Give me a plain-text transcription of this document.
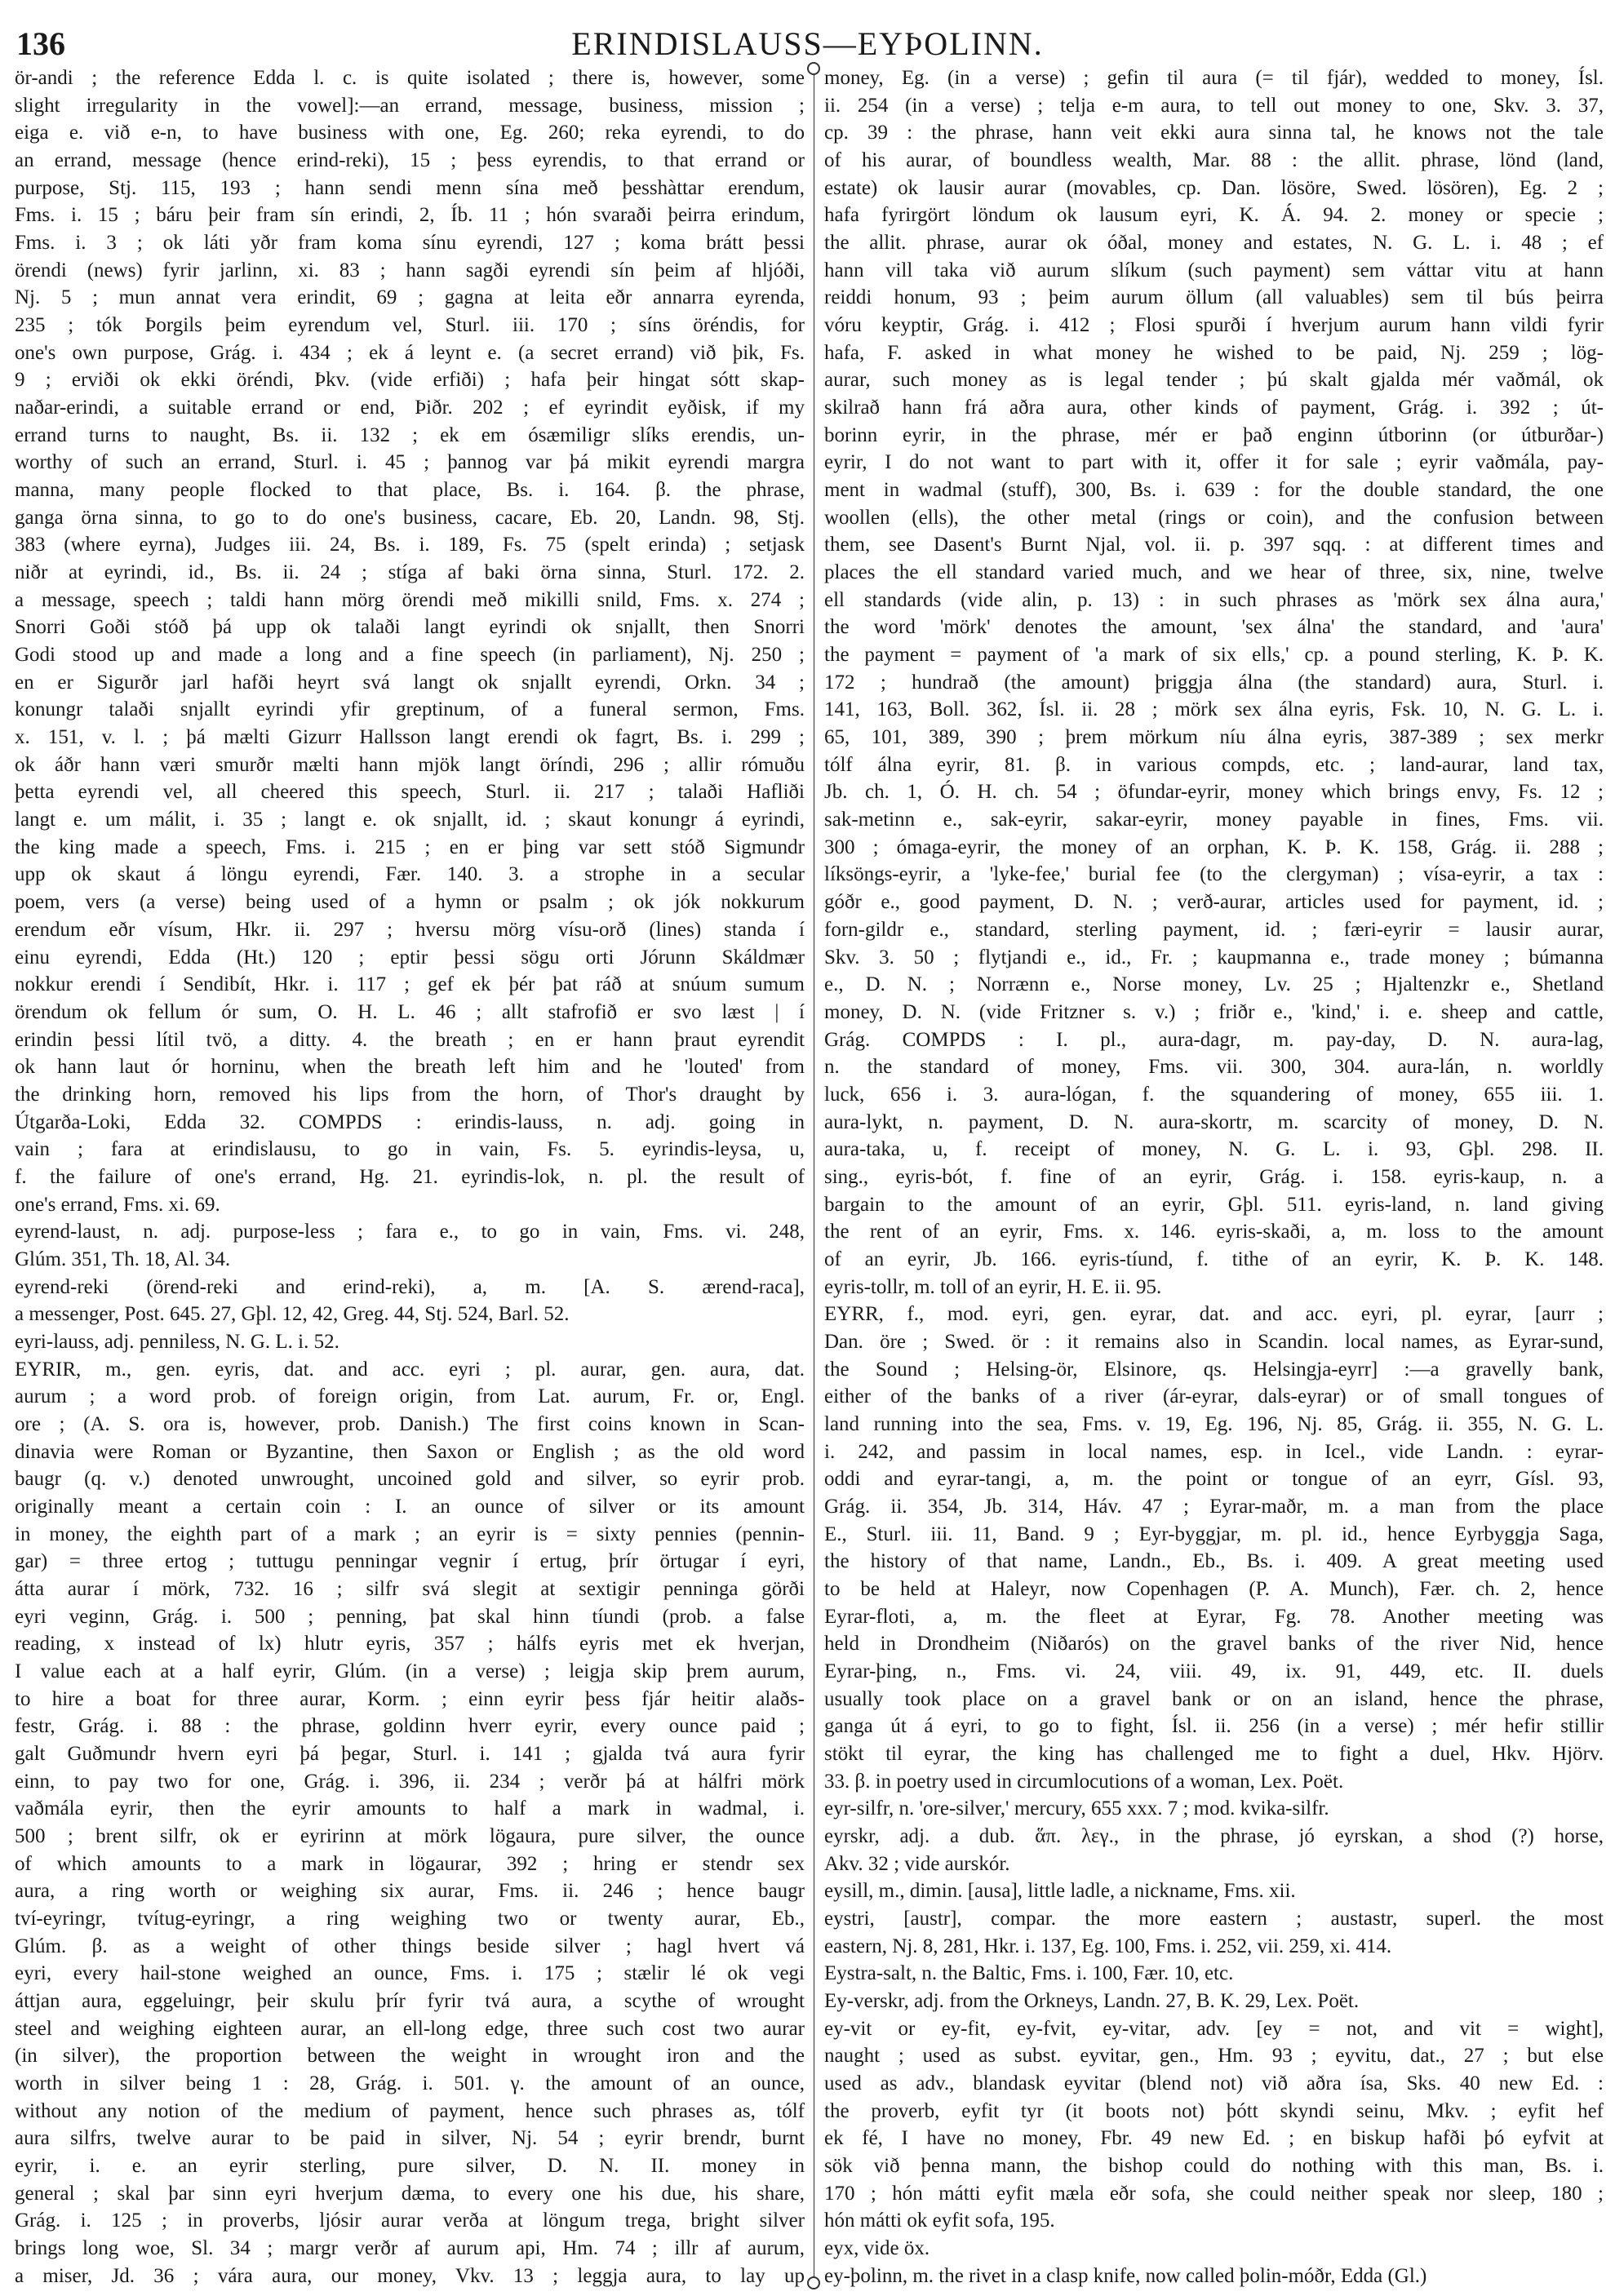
136	ERINDISLAUSS—EYÞOLINN.
ör-andi ; the reference Edda l. c. is quite isolated ; there is, however, some
slight irregularity in the vowel]:—an errand, message, business, mission ;
eiga e. við e-n, to have business with one, Eg. 260; reka eyrendi, to do
an errand, message (hence erind-reki), 15 ; þess eyrendis, to that errand or
purpose, Stj. 115, 193 ; hann sendi menn sína með þesshàttar erendum,
Fms. i. 15 ; báru þeir fram sín erindi, 2, Íb. 11 ; hón svaraði þeirra erindum,
Fms. i. 3 ; ok láti yðr fram koma sínu eyrendi, 127 ; koma brátt þessi
örendi (news) fyrir jarlinn, xi. 83 ; hann sagði eyrendi sín þeim af hljóði,
Nj. 5 ; mun annat vera erindit, 69 ; gagna at leita eðr annarra eyrenda,
235 ; tók Þorgils þeim eyrendum vel, Sturl. iii. 170 ; síns öréndis, for
one's own purpose, Grág. i. 434 ; ek á leynt e. (a secret errand) við þik, Fs.
9 ; erviði ok ekki öréndi, Þkv. (vide erfiði) ; hafa þeir hingat sótt skap-
naðar-erindi, a suitable errand or end, Þiðr. 202 ; ef eyrindit eyðisk, if my
errand turns to naught, Bs. ii. 132 ; ek em ósæmiligr slíks erendis, un-
worthy of such an errand, Sturl. i. 45 ; þannog var þá mikit eyrendi margra
manna, many people flocked to that place, Bs. i. 164. β. the phrase,
ganga örna sinna, to go to do one's business, cacare, Eb. 20, Landn. 98, Stj.
383 (where eyrna), Judges iii. 24, Bs. i. 189, Fs. 75 (spelt erinda) ; setjask
niðr at eyrindi, id., Bs. ii. 24 ; stíga af baki örna sinna, Sturl. 172. 2.
a message, speech ; taldi hann mörg örendi með mikilli snild, Fms. x. 274 ;
Snorri Goði stóð þá upp ok talaði langt eyrindi ok snjallt, then Snorri
Godi stood up and made a long and a fine speech (in parliament), Nj. 250 ;
en er Sigurðr jarl hafði heyrt svá langt ok snjallt eyrendi, Orkn. 34 ;
konungr talaði snjallt eyrindi yfir greptinum, of a funeral sermon, Fms.
x. 151, v. l. ; þá mælti Gizurr Hallsson langt erendi ok fagrt, Bs. i. 299 ;
ok áðr hann væri smurðr mælti hann mjök langt öríndi, 296 ; allir rómuðu
þetta eyrendi vel, all cheered this speech, Sturl. ii. 217 ; talaði Hafliði
langt e. um málit, i. 35 ; langt e. ok snjallt, id. ; skaut konungr á eyrindi,
the king made a speech, Fms. i. 215 ; en er þing var sett stóð Sigmundr
upp ok skaut á löngu eyrendi, Fær. 140. 3. a strophe in a secular
poem, vers (a verse) being used of a hymn or psalm ; ok jók nokkurum
erendum eðr vísum, Hkr. ii. 297 ; hversu mörg vísu-orð (lines) standa í
einu eyrendi, Edda (Ht.) 120 ; eptir þessi sögu orti Jórunn Skáldmær
nokkur erendi í Sendibít, Hkr. i. 117 ; gef ek þér þat ráð at snúum sumum
örendum ok fellum ór sum, O. H. L. 46 ; allt stafrofið er svo læst | í
erindin þessi lítil tvö, a ditty. 4. the breath ; en er hann þraut eyrendit
ok hann laut ór horninu, when the breath left him and he 'louted' from
the drinking horn, removed his lips from the horn, of Thor's draught by
Útgarða-Loki, Edda 32. COMPDS : erindis-lauss, n. adj. going in
vain ; fara at erindislausu, to go in vain, Fs. 5. eyrindis-leysa, u,
f. the failure of one's errand, Hg. 21. eyrindis-lok, n. pl. the result of
one's errand, Fms. xi. 69.
eyrend-laust, n. adj. purpose-less ; fara e., to go in vain, Fms. vi. 248,
Glúm. 351, Th. 18, Al. 34.
eyrend-reki (örend-reki and erind-reki), a, m. [A. S. ærend-raca],
a messenger, Post. 645. 27, Gþl. 12, 42, Greg. 44, Stj. 524, Barl. 52.
eyri-lauss, adj. penniless, N. G. L. i. 52.
EYRIR, m., gen. eyris, dat. and acc. eyri ; pl. aurar, gen. aura, dat.
aurum ; a word prob. of foreign origin, from Lat. aurum, Fr. or, Engl.
ore ; (A. S. ora is, however, prob. Danish.) The first coins known in Scan-
dinavia were Roman or Byzantine, then Saxon or English ; as the old word
baugr (q. v.) denoted unwrought, uncoined gold and silver, so eyrir prob.
originally meant a certain coin : I. an ounce of silver or its amount
in money, the eighth part of a mark ; an eyrir is = sixty pennies (pennin-
gar) = three ertog ; tuttugu penningar vegnir í ertug, þrír örtugar í eyri,
átta aurar í mörk, 732. 16 ; silfr svá slegit at sextigir penninga görði
eyri veginn, Grág. i. 500 ; penning, þat skal hinn tíundi (prob. a false
reading, x instead of lx) hlutr eyris, 357 ; hálfs eyris met ek hverjan,
I value each at a half eyrir, Glúm. (in a verse) ; leigja skip þrem aurum,
to hire a boat for three aurar, Korm. ; einn eyrir þess fjár heitir alaðs-
festr, Grág. i. 88 : the phrase, goldinn hverr eyrir, every ounce paid ;
galt Guðmundr hvern eyri þá þegar, Sturl. i. 141 ; gjalda tvá aura fyrir
einn, to pay two for one, Grág. i. 396, ii. 234 ; verðr þá at hálfri mörk
vaðmála eyrir, then the eyrir amounts to half a mark in wadmal, i.
500 ; brent silfr, ok er eyririnn at mörk lögaura, pure silver, the ounce
of which amounts to a mark in lögaurar, 392 ; hring er stendr sex
aura, a ring worth or weighing six aurar, Fms. ii. 246 ; hence baugr
tví-eyringr, tvítug-eyringr, a ring weighing two or twenty aurar, Eb.,
Glúm. β. as a weight of other things beside silver ; hagl hvert vá
eyri, every hail-stone weighed an ounce, Fms. i. 175 ; stælir lé ok vegi
áttjan aura, eggeluingr, þeir skulu þrír fyrir tvá aura, a scythe of wrought
steel and weighing eighteen aurar, an ell-long edge, three such cost two aurar
(in silver), the proportion between the weight in wrought iron and the
worth in silver being 1 : 28, Grág. i. 501. γ. the amount of an ounce,
without any notion of the medium of payment, hence such phrases as, tólf
aura silfrs, twelve aurar to be paid in silver, Nj. 54 ; eyrir brendr, burnt
eyrir, i. e. an eyrir sterling, pure silver, D. N. II. money in
general ; skal þar sinn eyri hverjum dæma, to every one his due, his share,
Grág. i. 125 ; in proverbs, ljósir aurar verða at löngum trega, bright silver
brings long woe, Sl. 34 ; margr verðr af aurum api, Hm. 74 ; illr af aurum,
a miser, Jd. 36 ; vára aura, our money, Vkv. 13 ; leggja aura, to lay up
money, Eg. (in a verse) ; gefin til aura (= til fjár), wedded to money, Ísl.
ii. 254 (in a verse) ; telja e-m aura, to tell out money to one, Skv. 3. 37,
cp. 39 : the phrase, hann veit ekki aura sinna tal, he knows not the tale
of his aurar, of boundless wealth, Mar. 88 : the allit. phrase, lönd (land,
estate) ok lausir aurar (movables, cp. Dan. lösöre, Swed. lösören), Eg. 2 ;
hafa fyrirgört löndum ok lausum eyri, K. Á. 94. 2. money or specie ;
the allit. phrase, aurar ok óðal, money and estates, N. G. L. i. 48 ; ef
hann vill taka við aurum slíkum (such payment) sem váttar vitu at hann
reiddi honum, 93 ; þeim aurum öllum (all valuables) sem til bús þeirra
vóru keyptir, Grág. i. 412 ; Flosi spurði í hverjum aurum hann vildi fyrir
hafa, F. asked in what money he wished to be paid, Nj. 259 ; lög-
aurar, such money as is legal tender ; þú skalt gjalda mér vaðmál, ok
skilrað hann frá aðra aura, other kinds of payment, Grág. i. 392 ; út-
borinn eyrir, in the phrase, mér er það enginn útborinn (or útburðar-)
eyrir, I do not want to part with it, offer it for sale ; eyrir vaðmála, pay-
ment in wadmal (stuff), 300, Bs. i. 639 : for the double standard, the one
woollen (ells), the other metal (rings or coin), and the confusion between
them, see Dasent's Burnt Njal, vol. ii. p. 397 sqq. : at different times and
places the ell standard varied much, and we hear of three, six, nine, twelve
ell standards (vide alin, p. 13) : in such phrases as 'mörk sex álna aura,'
the word 'mörk' denotes the amount, 'sex álna' the standard, and 'aura'
the payment = payment of 'a mark of six ells,' cp. a pound sterling, K. Þ. K.
172 ; hundrað (the amount) þriggja álna (the standard) aura, Sturl. i.
141, 163, Boll. 362, Ísl. ii. 28 ; mörk sex álna eyris, Fsk. 10, N. G. L. i.
65, 101, 389, 390 ; þrem mörkum níu álna eyris, 387-389 ; sex merkr
tólf álna eyrir, 81. β. in various compds, etc. ; land-aurar, land tax,
Jb. ch. 1, Ó. H. ch. 54 ; öfundar-eyrir, money which brings envy, Fs. 12 ;
sak-metinn e., sak-eyrir, sakar-eyrir, money payable in fines, Fms. vii.
300 ; ómaga-eyrir, the money of an orphan, K. Þ. K. 158, Grág. ii. 288 ;
líksöngs-eyrir, a 'lyke-fee,' burial fee (to the clergyman) ; vísa-eyrir, a tax :
góðr e., good payment, D. N. ; verð-aurar, articles used for payment, id. ;
forn-gildr e., standard, sterling payment, id. ; færi-eyrir = lausir aurar,
Skv. 3. 50 ; flytjandi e., id., Fr. ; kaupmanna e., trade money ; búmanna
e., D. N. ; Norrænn e., Norse money, Lv. 25 ; Hjaltenzkr e., Shetland
money, D. N. (vide Fritzner s. v.) ; friðr e., 'kind,' i. e. sheep and cattle,
Grág. COMPDS : I. pl., aura-dagr, m. pay-day, D. N. aura-lag,
n. the standard of money, Fms. vii. 300, 304. aura-lán, n. worldly
luck, 656 i. 3. aura-lógan, f. the squandering of money, 655 iii. 1.
aura-lykt, n. payment, D. N. aura-skortr, m. scarcity of money, D. N.
aura-taka, u, f. receipt of money, N. G. L. i. 93, Gþl. 298. II.
sing., eyris-bót, f. fine of an eyrir, Grág. i. 158. eyris-kaup, n. a
bargain to the amount of an eyrir, Gþl. 511. eyris-land, n. land giving
the rent of an eyrir, Fms. x. 146. eyris-skaði, a, m. loss to the amount
of an eyrir, Jb. 166. eyris-tíund, f. tithe of an eyrir, K. Þ. K. 148.
eyris-tollr, m. toll of an eyrir, H. E. ii. 95.
EYRR, f., mod. eyri, gen. eyrar, dat. and acc. eyri, pl. eyrar, [aurr ;
Dan. öre ; Swed. ör : it remains also in Scandin. local names, as Eyrar-sund,
the Sound ; Helsing-ör, Elsinore, qs. Helsingja-eyrr] :—a gravelly bank,
either of the banks of a river (ár-eyrar, dals-eyrar) or of small tongues of
land running into the sea, Fms. v. 19, Eg. 196, Nj. 85, Grág. ii. 355, N. G. L.
i. 242, and passim in local names, esp. in Icel., vide Landn. : eyrar-
oddi and eyrar-tangi, a, m. the point or tongue of an eyrr, Gísl. 93,
Grág. ii. 354, Jb. 314, Háv. 47 ; Eyrar-maðr, m. a man from the place
E., Sturl. iii. 11, Band. 9 ; Eyr-byggjar, m. pl. id., hence Eyrbyggja Saga,
the history of that name, Landn., Eb., Bs. i. 409. A great meeting used
to be held at Haleyr, now Copenhagen (P. A. Munch), Fær. ch. 2, hence
Eyrar-floti, a, m. the fleet at Eyrar, Fg. 78. Another meeting was
held in Drondheim (Niðarós) on the gravel banks of the river Nid, hence
Eyrar-þing, n., Fms. vi. 24, viii. 49, ix. 91, 449, etc. II. duels
usually took place on a gravel bank or on an island, hence the phrase,
ganga út á eyri, to go to fight, Ísl. ii. 256 (in a verse) ; mér hefir stillir
stökt til eyrar, the king has challenged me to fight a duel, Hkv. Hjörv.
33. β. in poetry used in circumlocutions of a woman, Lex. Poët.
eyr-silfr, n. 'ore-silver,' mercury, 655 xxx. 7 ; mod. kvika-silfr.
eyrskr, adj. a dub. ἅπ. λεγ., in the phrase, jó eyrskan, a shod (?) horse,
Akv. 32 ; vide aurskór.
eysill, m., dimin. [ausa], little ladle, a nickname, Fms. xii.
eystri, [austr], compar. the more eastern ; austastr, superl. the most
eastern, Nj. 8, 281, Hkr. i. 137, Eg. 100, Fms. i. 252, vii. 259, xi. 414.
Eystra-salt, n. the Baltic, Fms. i. 100, Fær. 10, etc.
Ey-verskr, adj. from the Orkneys, Landn. 27, B. K. 29, Lex. Poët.
ey-vit or ey-fit, ey-fvit, ey-vitar, adv. [ey = not, and vit = wight],
naught ; used as subst. eyvitar, gen., Hm. 93 ; eyvitu, dat., 27 ; but else
used as adv., blandask eyvitar (blend not) við aðra ísa, Sks. 40 new Ed. :
the proverb, eyfit tyr (it boots not) þótt skyndi seinu, Mkv. ; eyfit hef
ek fé, I have no money, Fbr. 49 new Ed. ; en biskup hafði þó eyfvit at
sök við þenna mann, the bishop could do nothing with this man, Bs. i.
170 ; hón mátti eyfit mæla eðr sofa, she could neither speak nor sleep, 180 ;
hón mátti ok eyfit sofa, 195.
eyx, vide öx.
ey-þolinn, m. the rivet in a clasp knife, now called þolin-móðr, Edda (Gl.)
